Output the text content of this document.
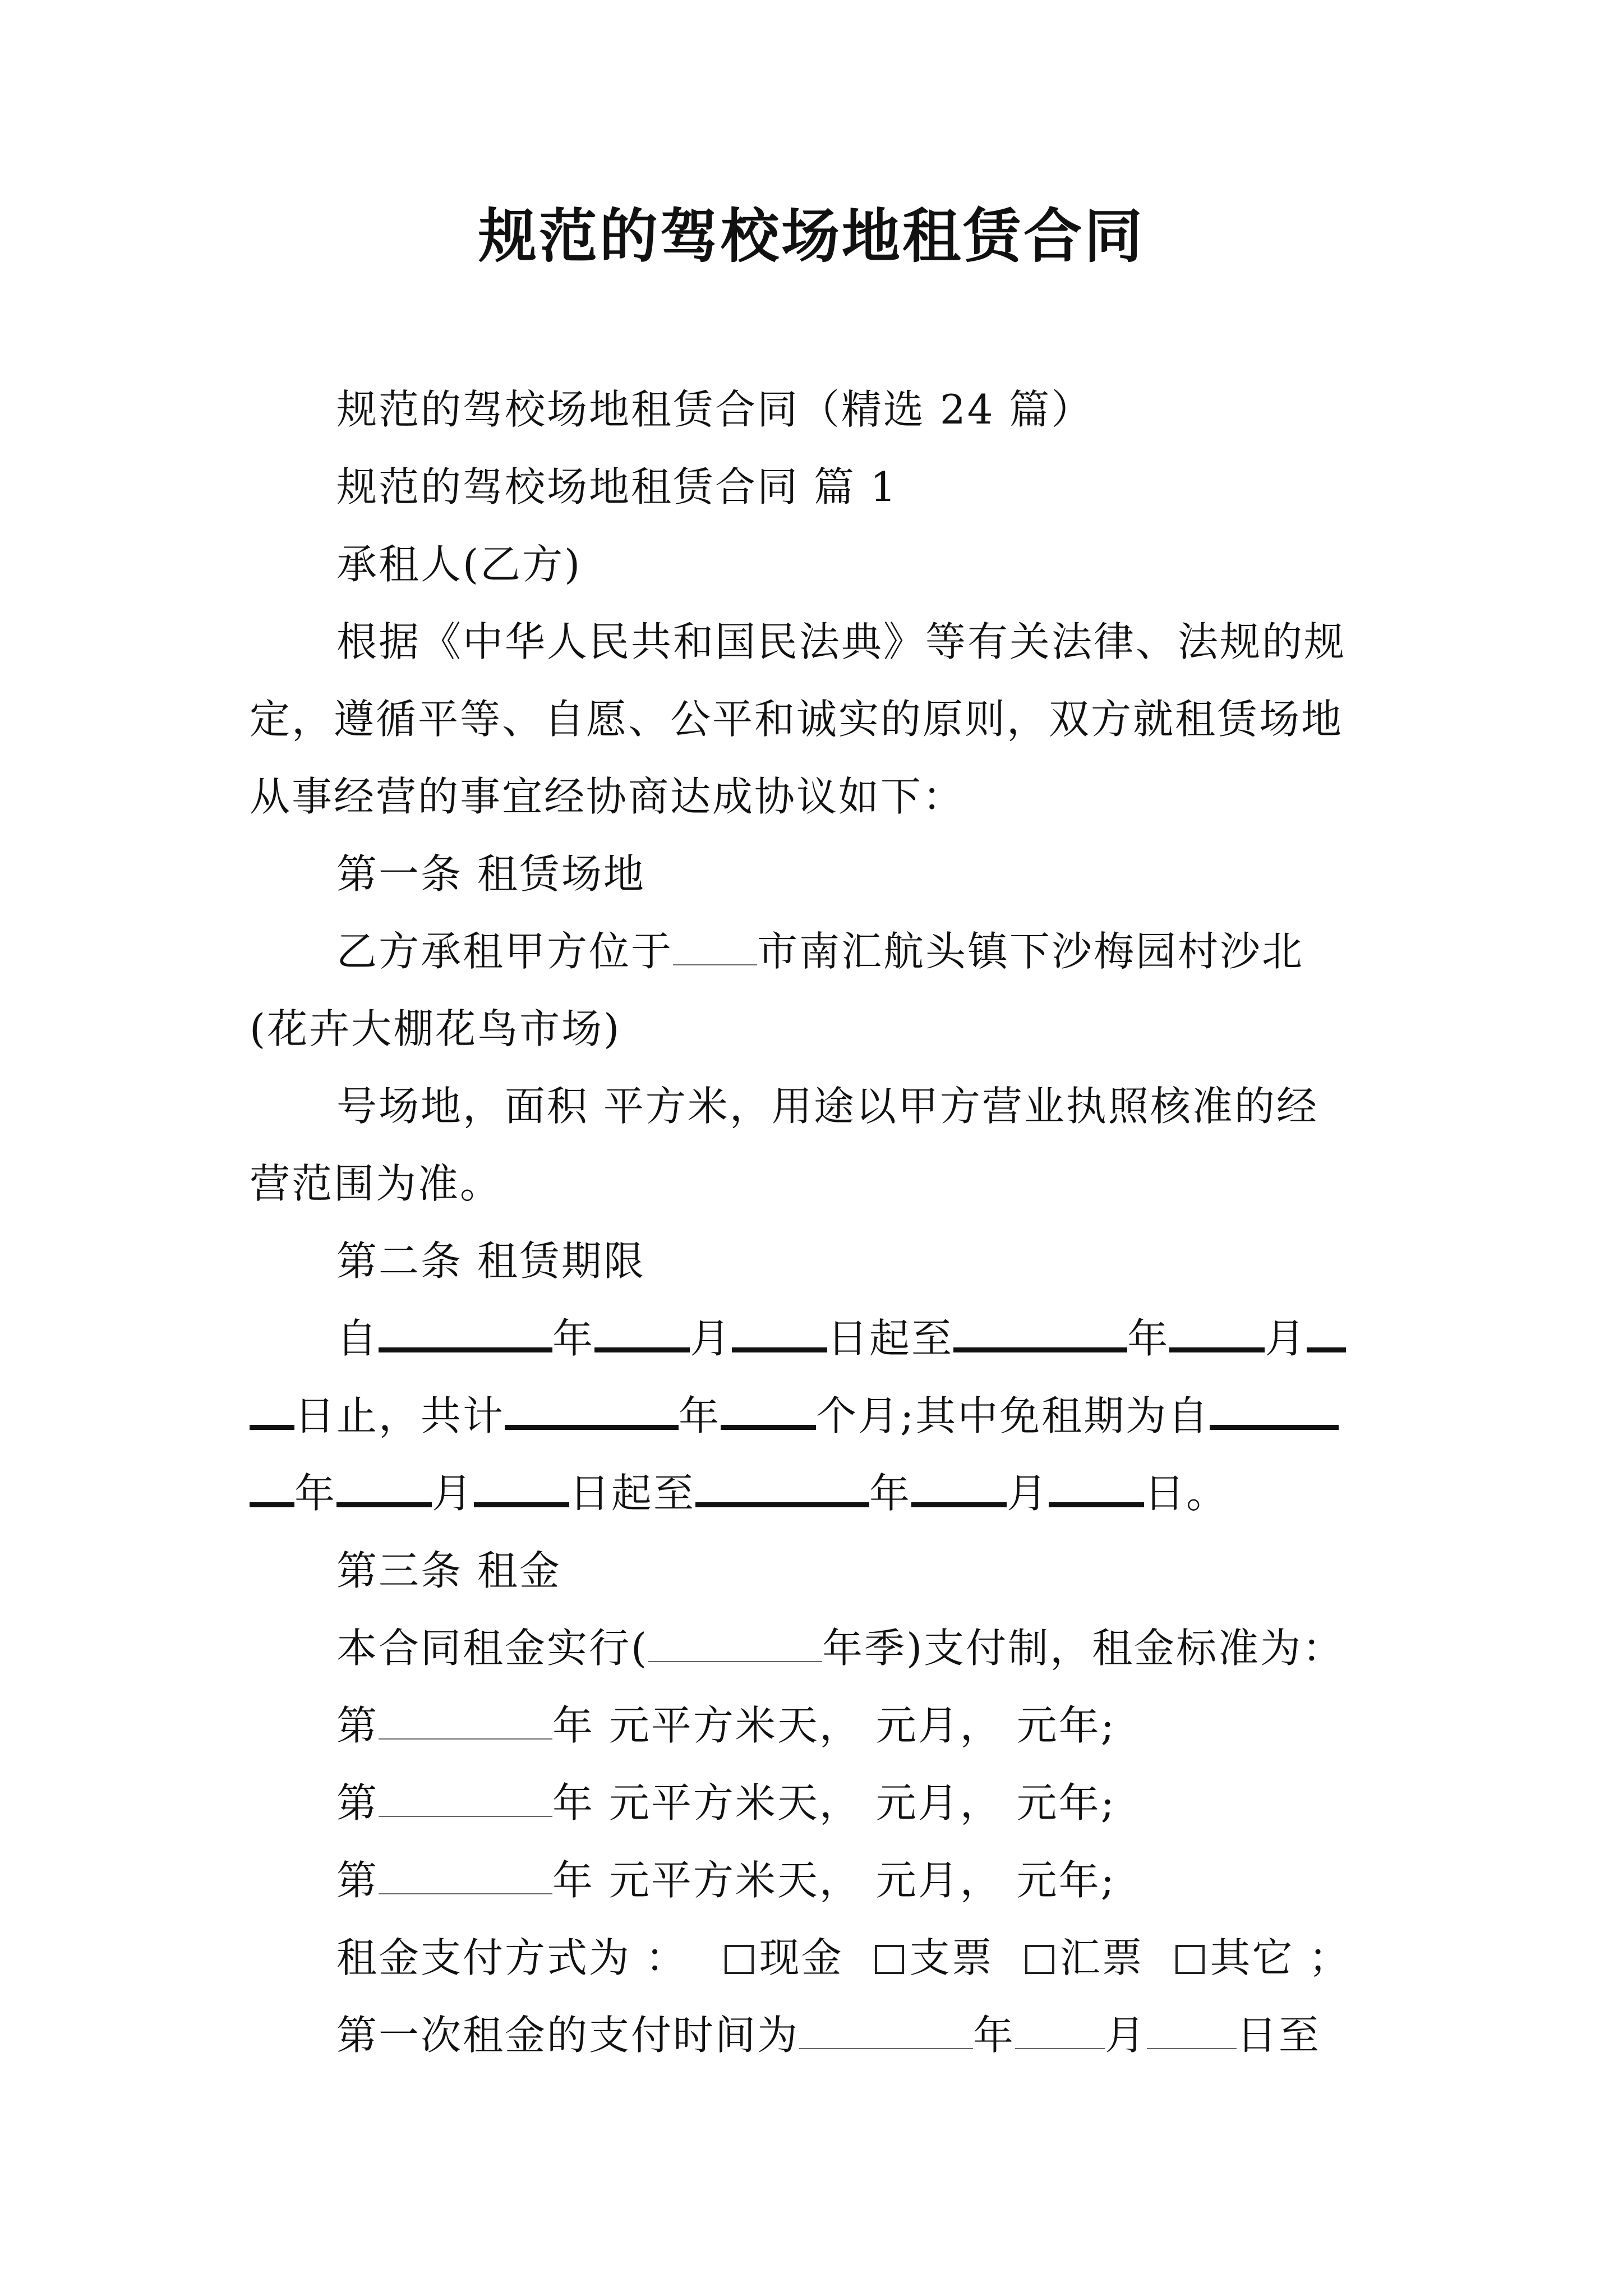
规范的驾校场地租赁合同
规范的驾校场地租赁合同（精选 24 篇）
规范的驾校场地租赁合同 篇 1
承租人(乙方)
根据《中华人民共和国民法典》等有关法律、法规的规
定，遵循平等、自愿、公平和诚实的原则，双方就租赁场地
从事经营的事宜经协商达成协议如下：
第一条 租赁场地
乙方承租甲方位于 市南汇航头镇下沙梅园村沙北
(花卉大棚花鸟市场)
号场地，面积 平方米，用途以甲方营业执照核准的经
营范围为准。
第二条 租赁期限
自	年 月 日起至	年 月
日止，共计	年 个月;其中免租期为自
年 月 日起至	年 月 日。
第三条 租金
本合同租金实行(	年季)支付制，租金标准为：
第	年 元平方米天， 元月， 元年;
第	年 元平方米天， 元月， 元年;
第	年 元平方米天， 元月， 元年;
租金支付方式为 ： 现金 支票 汇票 其它 ；
第一次租金的支付时间为	年 月 日至
